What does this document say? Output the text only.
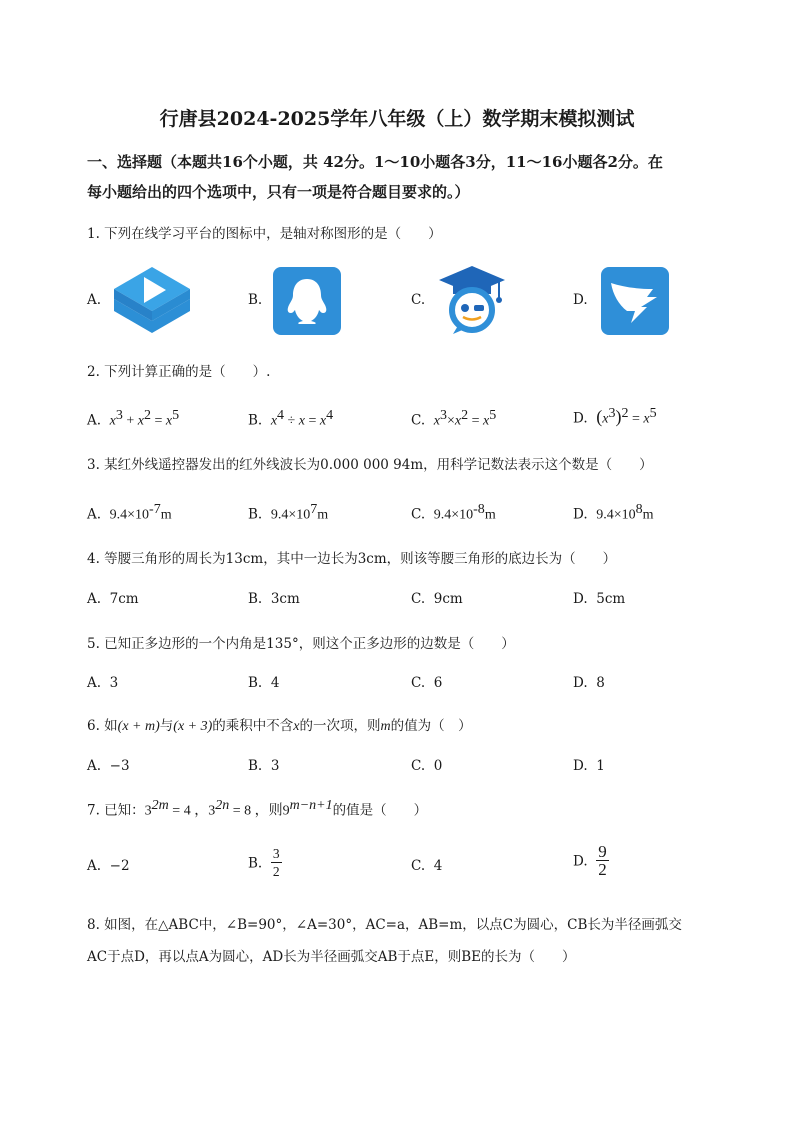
行唐县2024-2025学年八年级（上）数学期末模拟测试
一、选择题（本题共16个小题，共 42分。1～10小题各3分，11～16小题各2分。在
每小题给出的四个选项中，只有一项是符合题目要求的。）
1. 下列在线学习平台的图标中，是轴对称图形的是（　　）
A.	B.	C.	D.
2. 下列计算正确的是（　　）.
A. $x^3 + x^2 = x^5$	B. $x^4 \div x = x^4$	C. $x^3\times x^2 = x^5$	D. $(x^3)^2 = x^5$
3. 某红外线遥控器发出的红外线波长为0.000 000 94m，用科学记数法表示这个数是（　　）
A. $9.4\times 10^{-7}m$	B. $9.4\times 10^7m$	C. $9.4\times 10^{-8}m$	D. $9.4\times 10^8m$
4. 等腰三角形的周长为13cm，其中一边长为3cm，则该等腰三角形的底边长为（　　）
A. 7cm	B. 3cm	C. 9cm	D. 5cm
5. 已知正多边形的一个内角是135°，则这个正多边形的边数是（　　）
A. 3	B. 4	C. 6	D. 8
6. 如(x + m)与(x + 3)的乘积中不含x的一次项，则m的值为（　）
A. −3	B. 3	C. 0	D. 1
7. 已知：$3^{2m} = 4$ ，$3^{2n} = 8$ ，则$9^{m-n+1}$的值是（　　）
A. −2	B. $\frac{3}{2}$	C. 4	D. $\frac{9}{2}$
8. 如图，在△ABC中，∠B=90°，∠A=30°，AC=a，AB=m，以点C为圆心，CB长为半径画弧交
AC于点D，再以点A为圆心，AD长为半径画弧交AB于点E，则BE的长为（　　）
